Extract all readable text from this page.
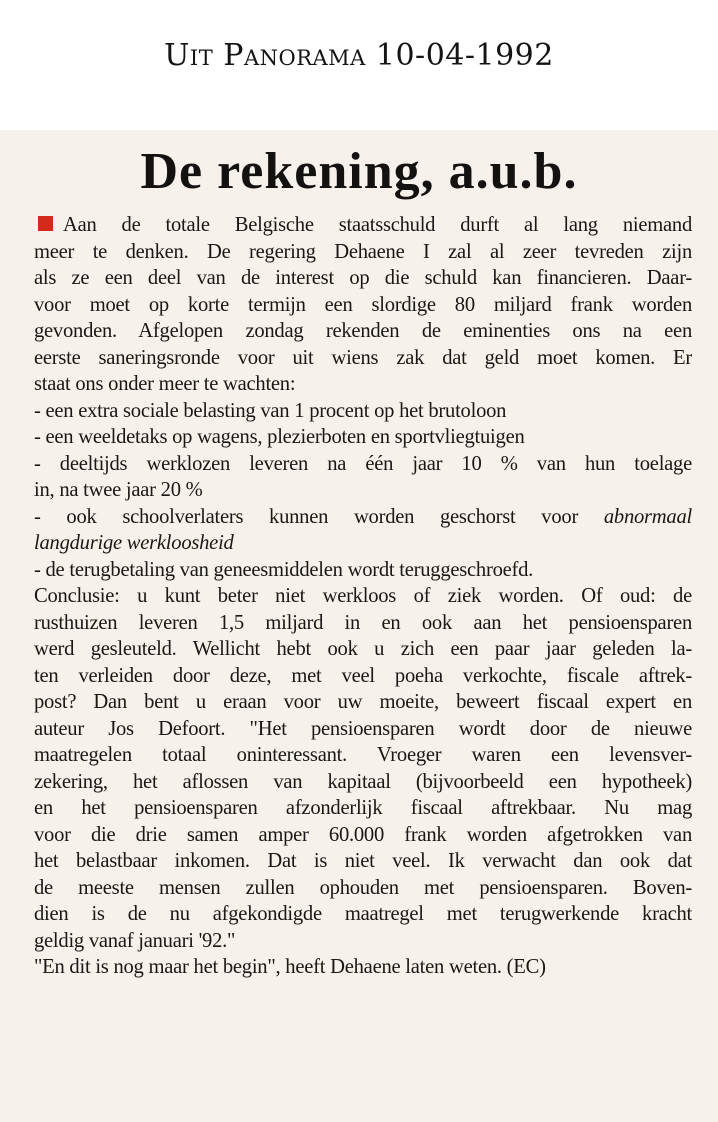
Uit Panorama 10-04-1992
De rekening, a.u.b.
Aan de totale Belgische staatsschuld durft al lang niemand
meer te denken. De regering Dehaene I zal al zeer tevreden zijn
als ze een deel van de interest op die schuld kan financieren. Daar-
voor moet op korte termijn een slordige 80 miljard frank worden
gevonden. Afgelopen zondag rekenden de eminenties ons na een
eerste saneringsronde voor uit wiens zak dat geld moet komen. Er
staat ons onder meer te wachten:
- een extra sociale belasting van 1 procent op het brutoloon
- een weeldetaks op wagens, plezierboten en sportvliegtuigen
- deeltijds werklozen leveren na één jaar 10 % van hun toelage
in, na twee jaar 20 %
- ook schoolverlaters kunnen worden geschorst voor abnormaal
langdurige werkloosheid
- de terugbetaling van geneesmiddelen wordt teruggeschroefd.
Conclusie: u kunt beter niet werkloos of ziek worden. Of oud: de
rusthuizen leveren 1,5 miljard in en ook aan het pensioensparen
werd gesleuteld. Wellicht hebt ook u zich een paar jaar geleden la-
ten verleiden door deze, met veel poeha verkochte, fiscale aftrek-
post? Dan bent u eraan voor uw moeite, beweert fiscaal expert en
auteur Jos Defoort. "Het pensioensparen wordt door de nieuwe
maatregelen totaal oninteressant. Vroeger waren een levensver-
zekering, het aflossen van kapitaal (bijvoorbeeld een hypotheek)
en het pensioensparen afzonderlijk fiscaal aftrekbaar. Nu mag
voor die drie samen amper 60.000 frank worden afgetrokken van
het belastbaar inkomen. Dat is niet veel. Ik verwacht dan ook dat
de meeste mensen zullen ophouden met pensioensparen. Boven-
dien is de nu afgekondigde maatregel met terugwerkende kracht
geldig vanaf januari '92."
"En dit is nog maar het begin", heeft Dehaene laten weten. (EC)
